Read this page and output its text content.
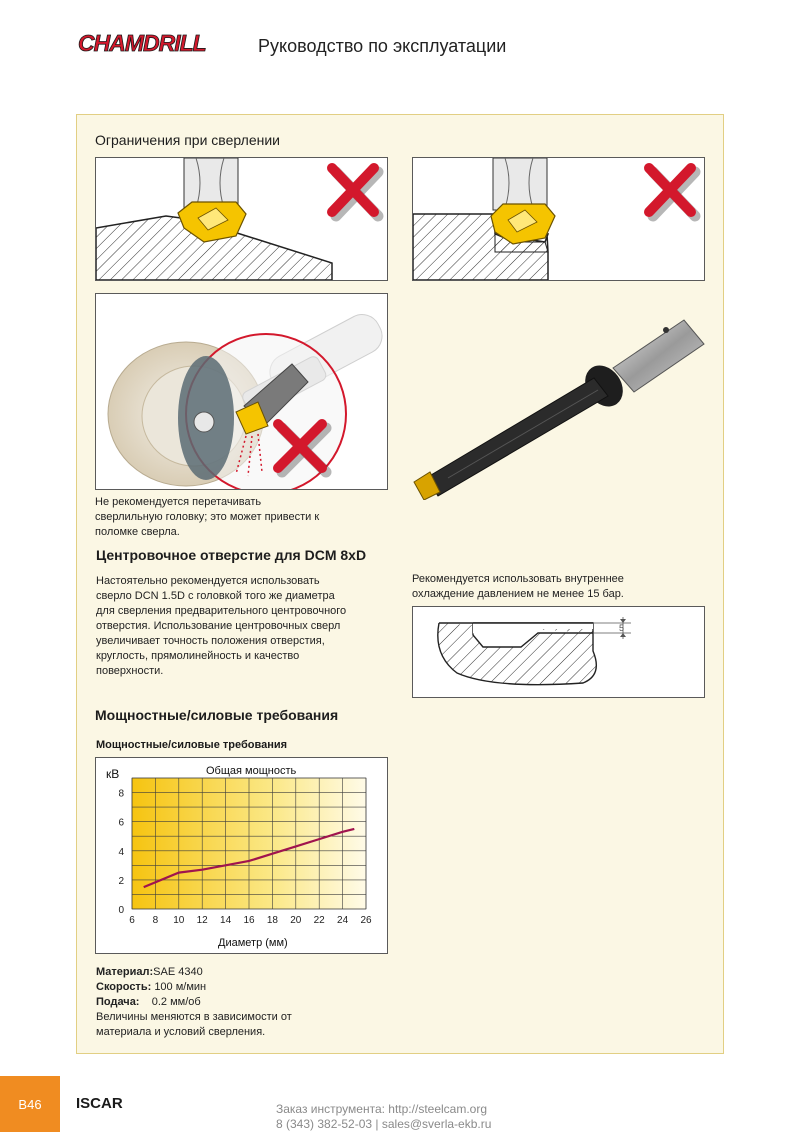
CHAMDRILL	Руководство по эксплуатации
Ограничения при сверлении
Не рекомендуется перетачивать
сверлильную головку; это может привести к
поломке сверла.
Центровочное отверстие для DCM 8xD
Настоятельно рекомендуется использовать
сверло DCN 1.5D с головкой того же диаметра
для сверления предварительного центровочного
отверстия. Использование центровочных сверл
увеличивает точность положения отверстия,
круглость, прямолинейность и качество
поверхности.
Рекомендуется использовать внутреннее
охлаждение давлением не менее 15 бар.
5
Мощностные/силовые требования
Мощностные/силовые требования
6 8 10 12 14 16 18 20 22 24 26
0
2
4
6
8
Общая мощность
кВ
Диаметр (мм)
Материал:SAE 4340
Скорость: 100 м/мин
Подача: 0.2 мм/об
Величины меняются в зависимости от
материала и условий сверления.
B46	ISCAR	Заказ инструмента: http://steelcam.org
8 (343) 382-52-03 | sales@sverla-ekb.ru
